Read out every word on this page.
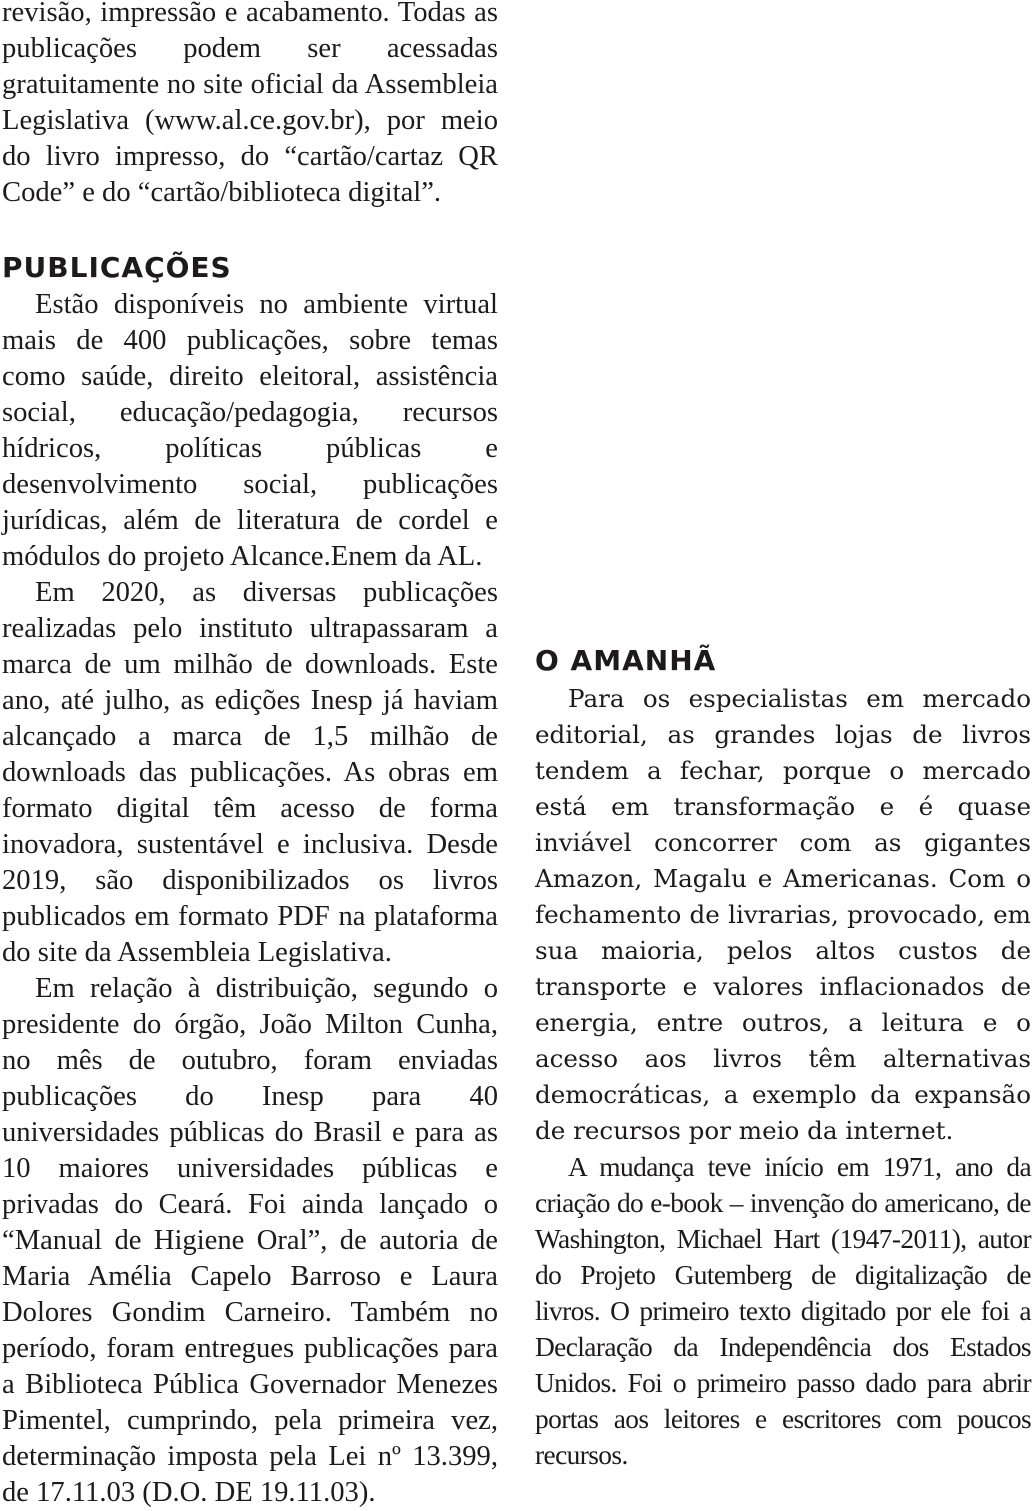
revisão, impressão e acabamento. Todas as publicações podem ser acessadas gratuitamente no site oficial da Assembleia Legislativa (www.al.ce.gov.br), por meio do livro impresso, do “cartão/cartaz QR Code” e do “cartão/biblioteca digital”.

PUBLICAÇÕES

Estão disponíveis no ambiente virtual mais de 400 publicações, sobre temas como saúde, direito eleitoral, assistência social, educação/pedagogia, recursos hídricos, políticas públicas e desenvolvimento social, publicações jurídicas, além de literatura de cordel e módulos do projeto Alcance.Enem da AL.

Em 2020, as diversas publicações realizadas pelo instituto ultrapassaram a marca de um milhão de downloads. Este ano, até julho, as edições Inesp já haviam alcançado a marca de 1,5 milhão de downloads das publicações. As obras em formato digital têm acesso de forma inovadora, sustentável e inclusiva. Desde 2019, são disponibilizados os livros publicados em formato PDF na plataforma do site da Assembleia Legislativa.

Em relação à distribuição, segundo o presidente do órgão, João Milton Cunha, no mês de outubro, foram enviadas publicações do Inesp para 40 universidades públicas do Brasil e para as 10 maiores universidades públicas e privadas do Ceará. Foi ainda lançado o “Manual de Higiene Oral”, de autoria de Maria Amélia Capelo Barroso e Laura Dolores Gondim Carneiro. Também no período, foram entregues publicações para a Biblioteca Pública Governador Menezes Pimentel, cumprindo, pela primeira vez, determinação imposta pela Lei nº 13.399, de 17.11.03 (D.O. DE 19.11.03).

O AMANHÃ

Para os especialistas em mercado editorial, as grandes lojas de livros tendem a fechar, porque o mercado está em transformação e é quase inviável concorrer com as gigantes Amazon, Magalu e Americanas. Com o fechamento de livrarias, provocado, em sua maioria, pelos altos custos de transporte e valores inflacionados de energia, entre outros, a leitura e o acesso aos livros têm alternativas democráticas, a exemplo da expansão de recursos por meio da internet.

A mudança teve início em 1971, ano da criação do e-book – invenção do americano, de Washington, Michael Hart (1947-2011), autor do Projeto Gutemberg de digitalização de livros. O primeiro texto digitado por ele foi a Declaração da Independência dos Estados Unidos. Foi o primeiro passo dado para abrir portas aos leitores e escritores com poucos recursos.
